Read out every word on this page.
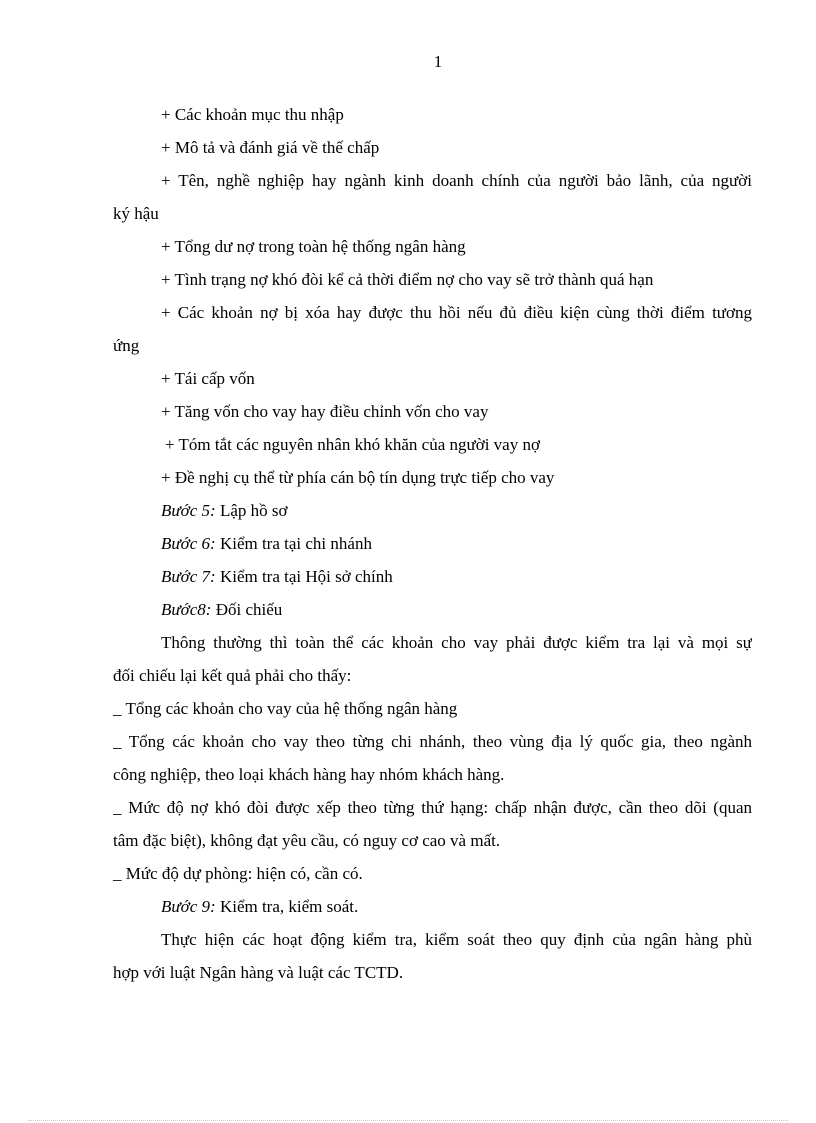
1
+ Các khoản mục thu nhập
+ Mô tả và đánh giá về thế chấp
+ Tên, nghề nghiệp hay ngành kinh doanh chính của người bảo lãnh, của người
ký hậu
+ Tổng dư nợ trong toàn hệ thống ngân hàng
+ Tình trạng nợ khó đòi kể cả thời điểm nợ cho vay sẽ trở thành quá hạn
+ Các khoản nợ bị xóa hay được thu hồi nếu đủ điều kiện cùng thời điểm tương
ứng
+ Tái cấp vốn
+ Tăng vốn cho vay hay điều chỉnh vốn cho vay
+ Tóm tắt các nguyên nhân khó khăn của người vay nợ
+ Đề nghị cụ thể từ phía cán bộ tín dụng trực tiếp cho vay
Bước 5: Lập hồ sơ
Bước 6: Kiểm tra tại chi nhánh
Bước 7: Kiểm tra tại Hội sở chính
Bước8: Đối chiếu
Thông thường thì toàn thể các khoản cho vay phải được kiểm tra lại và mọi sự
đối chiếu lại kết quả phải cho thấy:
_ Tổng các khoản cho vay của hệ thống ngân hàng
_ Tổng các khoản cho vay theo từng chi nhánh, theo vùng địa lý quốc gia, theo ngành
công nghiệp, theo loại khách hàng hay nhóm khách hàng.
_ Mức độ nợ khó đòi được xếp theo từng thứ hạng: chấp nhận được, cần theo dõi (quan
tâm đặc biệt), không đạt yêu cầu, có nguy cơ cao và mất.
_ Mức độ dự phòng: hiện có, cần có.
Bước 9: Kiểm tra, kiểm soát.
Thực hiện các hoạt động kiểm tra, kiểm soát theo quy định của ngân hàng phù
hợp với luật Ngân hàng và luật các TCTD.
